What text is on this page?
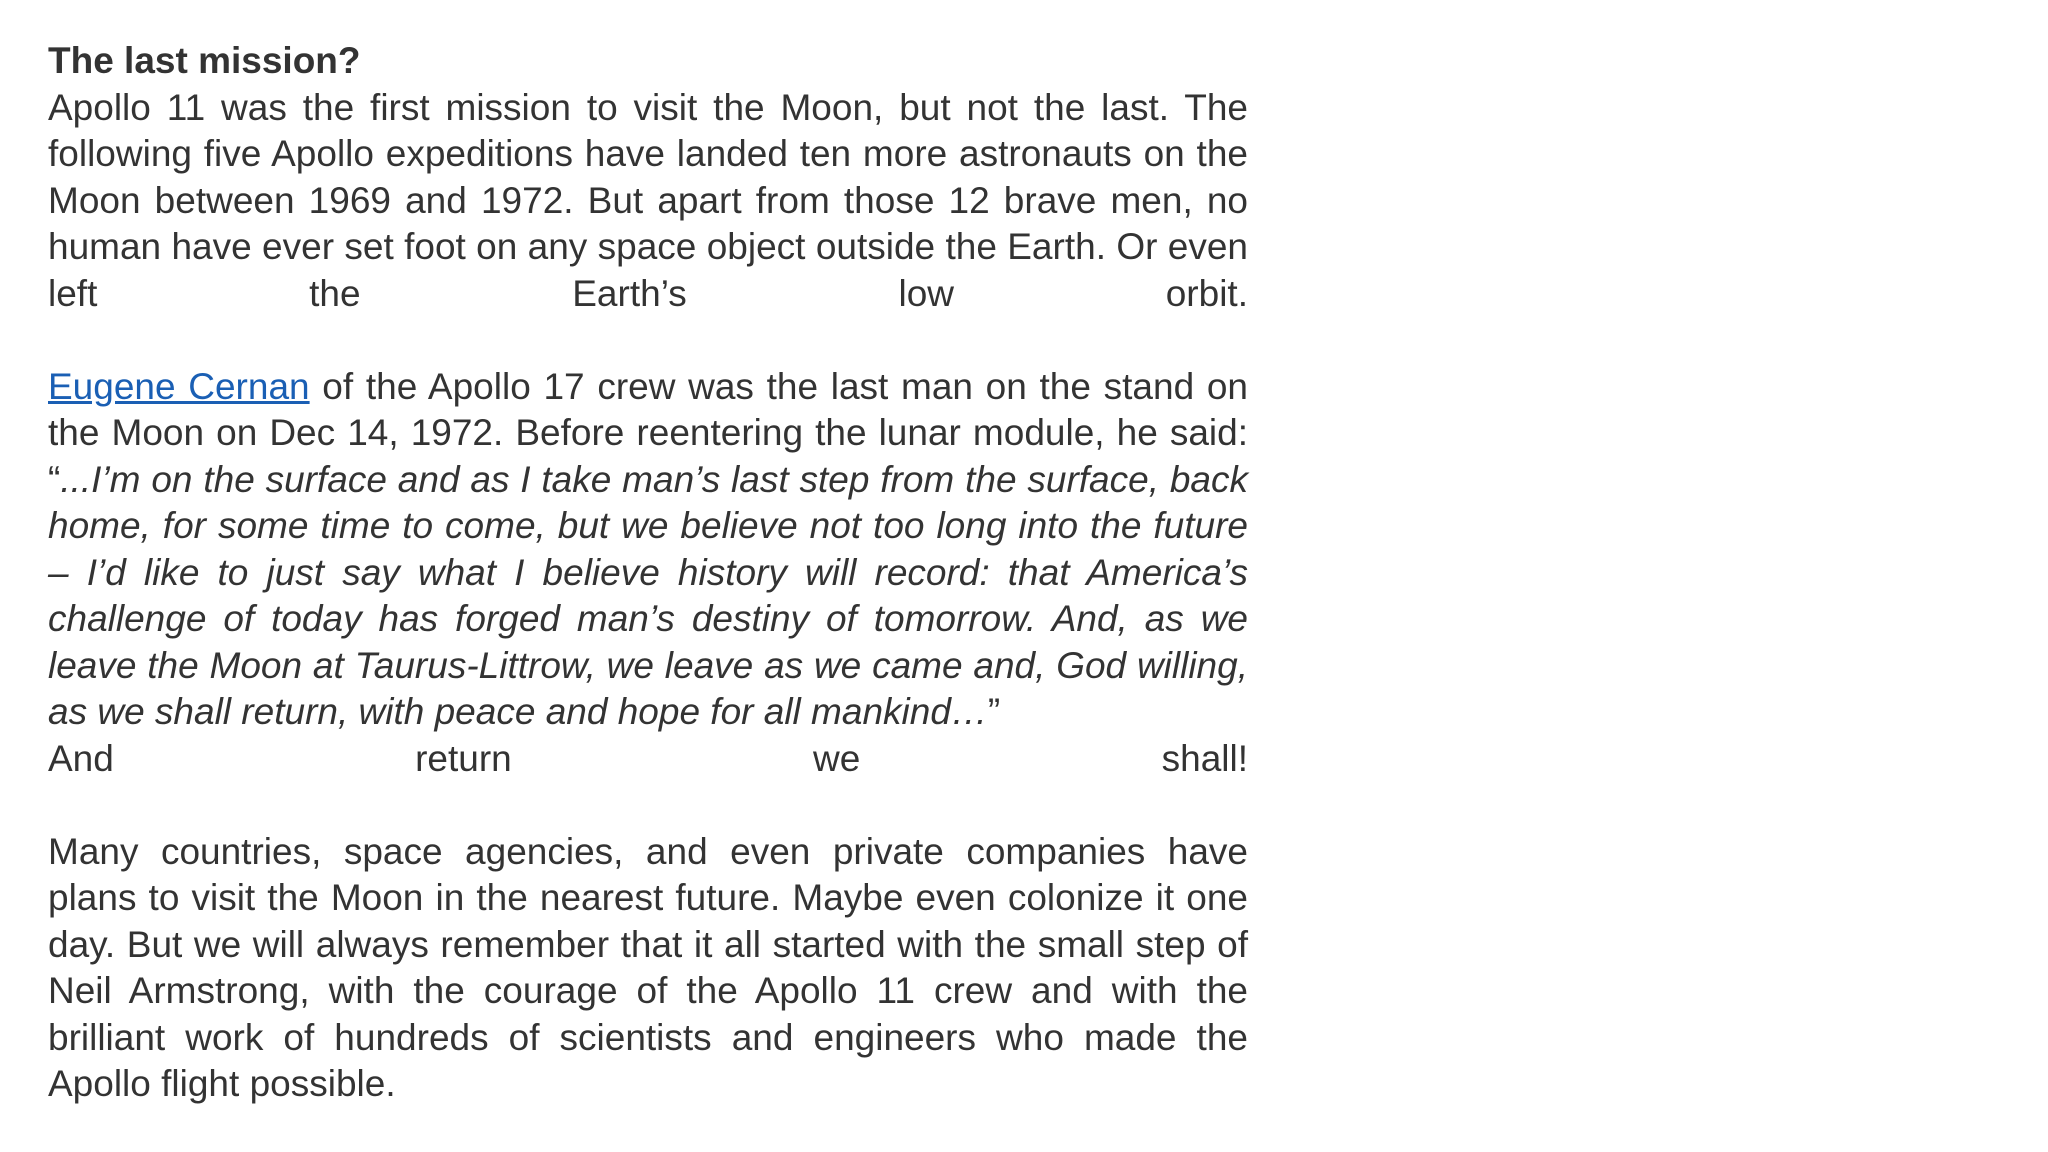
The last mission?

Apollo 11 was the first mission to visit the Moon, but not the last. The following five Apollo expeditions have landed ten more astronauts on the Moon between 1969 and 1972. But apart from those 12 brave men, no human have ever set foot on any space object outside the Earth. Or even left the Earth’s low orbit.

Eugene Cernan of the Apollo 17 crew was the last man on the stand on the Moon on Dec 14, 1972. Before reentering the lunar module, he said: “...I’m on the surface and as I take man’s last step from the surface, back home, for some time to come, but we believe not too long into the future – I’d like to just say what I believe history will record: that America’s challenge of today has forged man’s destiny of tomorrow. And, as we leave the Moon at Taurus-Littrow, we leave as we came and, God willing, as we shall return, with peace and hope for all mankind…”

And return we shall!

Many countries, space agencies, and even private companies have plans to visit the Moon in the nearest future. Maybe even colonize it one day. But we will always remember that it all started with the small step of Neil Armstrong, with the courage of the Apollo 11 crew and with the brilliant work of hundreds of scientists and engineers who made the Apollo flight possible.
